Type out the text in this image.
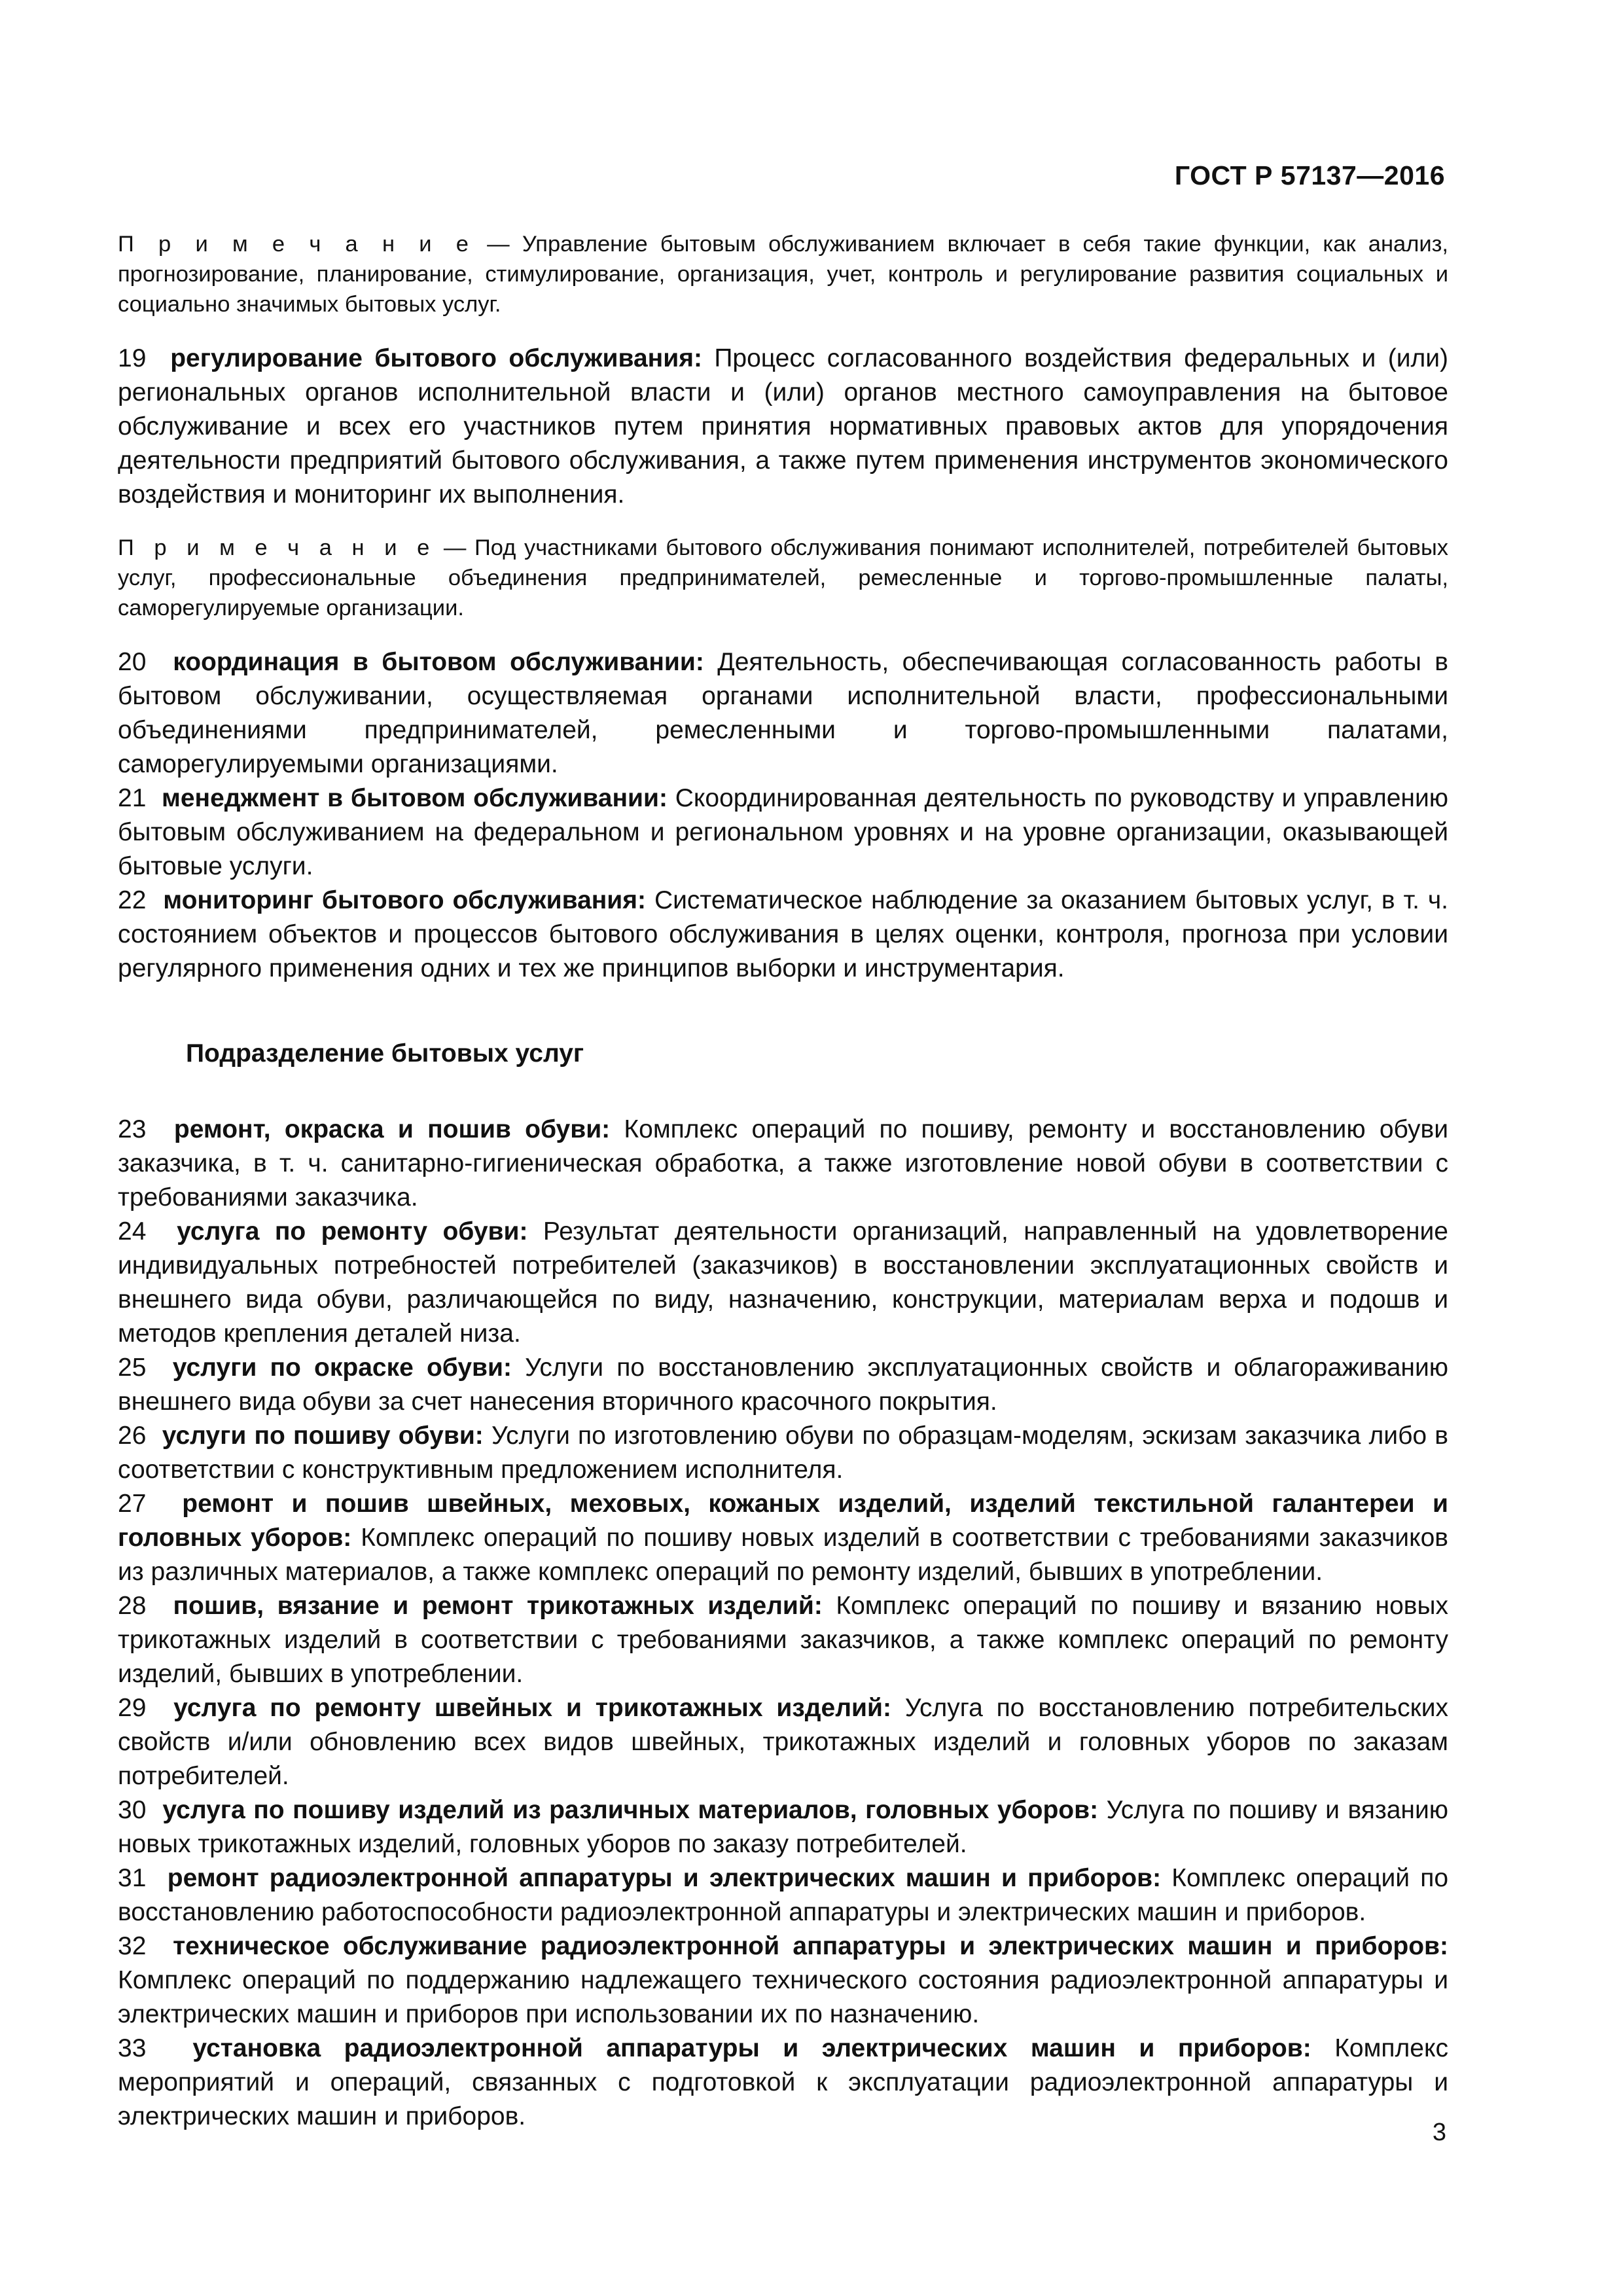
ГОСТ Р 57137—2016

П р и м е ч а н и е — Управление бытовым обслуживанием включает в себя такие функции, как анализ, прогнозирование, планирование, стимулирование, организация, учет, контроль и регулирование развития социальных и социально значимых бытовых услуг.

19 регулирование бытового обслуживания: Процесс согласованного воздействия федеральных и (или) региональных органов исполнительной власти и (или) органов местного самоуправления на бытовое обслуживание и всех его участников путем принятия нормативных правовых актов для упорядочения деятельности предприятий бытового обслуживания, а также путем применения инструментов экономического воздействия и мониторинг их выполнения.

П р и м е ч а н и е — Под участниками бытового обслуживания понимают исполнителей, потребителей бытовых услуг, профессиональные объединения предпринимателей, ремесленные и торгово-промышленные палаты, саморегулируемые организации.

20 координация в бытовом обслуживании: Деятельность, обеспечивающая согласованность работы в бытовом обслуживании, осуществляемая органами исполнительной власти, профессиональными объединениями предпринимателей, ремесленными и торгово-промышленными палатами, саморегулируемыми организациями.

21 менеджмент в бытовом обслуживании: Скоординированная деятельность по руководству и управлению бытовым обслуживанием на федеральном и региональном уровнях и на уровне организации, оказывающей бытовые услуги.

22 мониторинг бытового обслуживания: Систематическое наблюдение за оказанием бытовых услуг, в т. ч. состоянием объектов и процессов бытового обслуживания в целях оценки, контроля, прогноза при условии регулярного применения одних и тех же принципов выборки и инструментария.

Подразделение бытовых услуг

23 ремонт, окраска и пошив обуви: Комплекс операций по пошиву, ремонту и восстановлению обуви заказчика, в т. ч. санитарно-гигиеническая обработка, а также изготовление новой обуви в соответствии с требованиями заказчика.

24 услуга по ремонту обуви: Результат деятельности организаций, направленный на удовлетворение индивидуальных потребностей потребителей (заказчиков) в восстановлении эксплуатационных свойств и внешнего вида обуви, различающейся по виду, назначению, конструкции, материалам верха и подошв и методов крепления деталей низа.

25 услуги по окраске обуви: Услуги по восстановлению эксплуатационных свойств и облагораживанию внешнего вида обуви за счет нанесения вторичного красочного покрытия.

26 услуги по пошиву обуви: Услуги по изготовлению обуви по образцам-моделям, эскизам заказчика либо в соответствии с конструктивным предложением исполнителя.

27 ремонт и пошив швейных, меховых, кожаных изделий, изделий текстильной галантереи и головных уборов: Комплекс операций по пошиву новых изделий в соответствии с требованиями заказчиков из различных материалов, а также комплекс операций по ремонту изделий, бывших в употреблении.

28 пошив, вязание и ремонт трикотажных изделий: Комплекс операций по пошиву и вязанию новых трикотажных изделий в соответствии с требованиями заказчиков, а также комплекс операций по ремонту изделий, бывших в употреблении.

29 услуга по ремонту швейных и трикотажных изделий: Услуга по восстановлению потребительских свойств и/или обновлению всех видов швейных, трикотажных изделий и головных уборов по заказам потребителей.

30 услуга по пошиву изделий из различных материалов, головных уборов: Услуга по пошиву и вязанию новых трикотажных изделий, головных уборов по заказу потребителей.

31 ремонт радиоэлектронной аппаратуры и электрических машин и приборов: Комплекс операций по восстановлению работоспособности радиоэлектронной аппаратуры и электрических машин и приборов.

32 техническое обслуживание радиоэлектронной аппаратуры и электрических машин и приборов: Комплекс операций по поддержанию надлежащего технического состояния радиоэлектронной аппаратуры и электрических машин и приборов при использовании их по назначению.

33 установка радиоэлектронной аппаратуры и электрических машин и приборов: Комплекс мероприятий и операций, связанных с подготовкой к эксплуатации радиоэлектронной аппаратуры и электрических машин и приборов.

3
